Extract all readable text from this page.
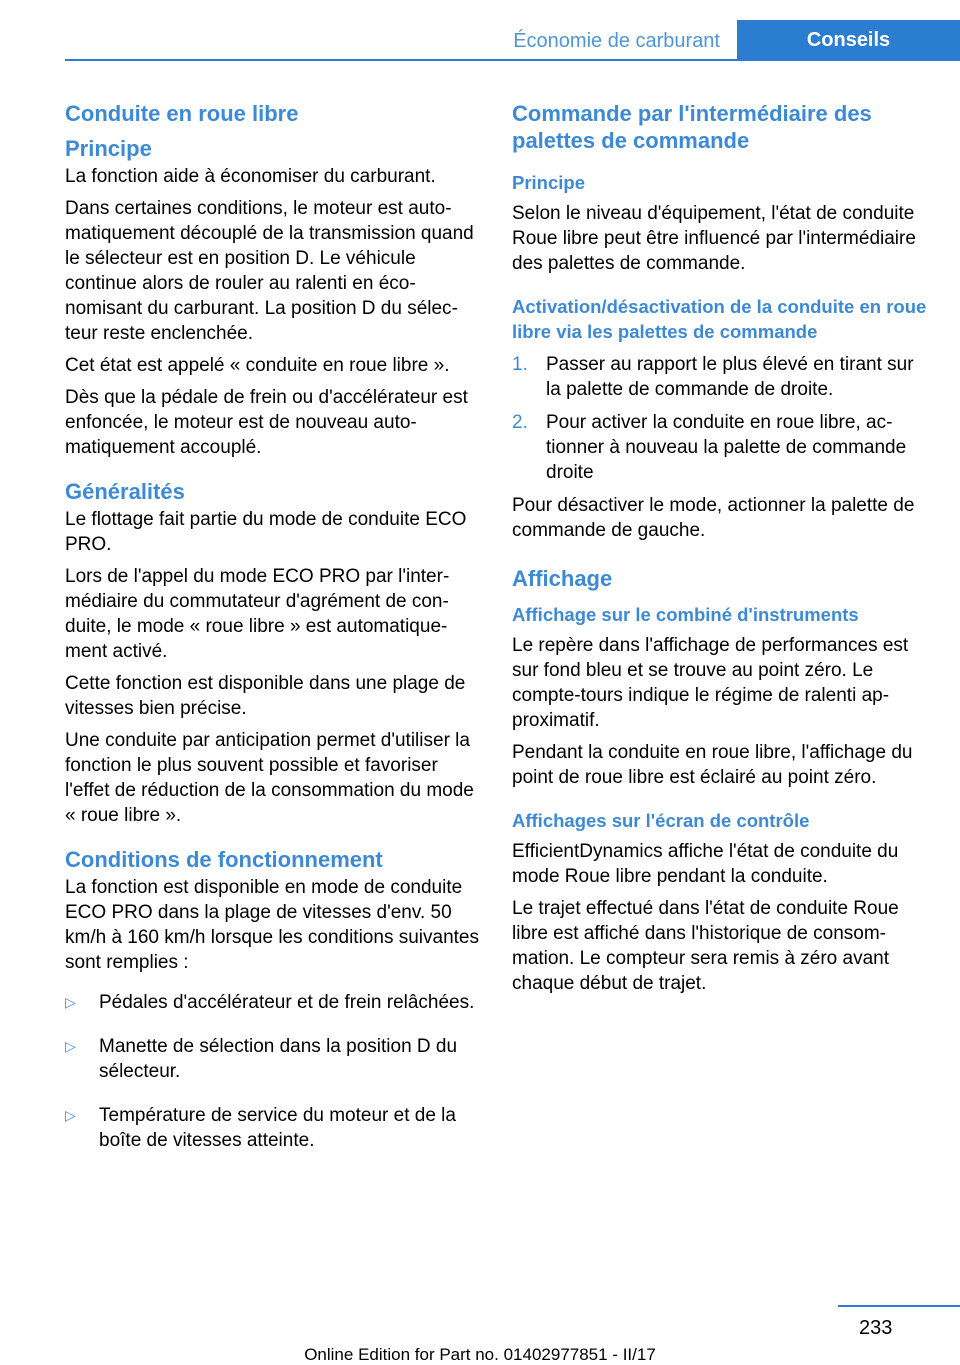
Économie de carburant	Conseils
Conduite en roue libre
Principe

La fonction aide à économiser du carburant.

Dans certaines conditions, le moteur est automatiquement découplé de la transmission quand le sélecteur est en position D. Le véhicule continue alors de rouler au ralenti en économisant du carburant. La position D du sélecteur reste enclenchée.

Cet état est appelé « conduite en roue libre ».

Dès que la pédale de frein ou d'accélérateur est enfoncée, le moteur est de nouveau automatiquement accouplé.

Généralités

Le flottage fait partie du mode de conduite ECO PRO.

Lors de l'appel du mode ECO PRO par l'intermédiaire du commutateur d'agrément de conduite, le mode « roue libre » est automatiquement activé.

Cette fonction est disponible dans une plage de vitesses bien précise.

Une conduite par anticipation permet d'utiliser la fonction le plus souvent possible et favoriser l'effet de réduction de la consommation du mode « roue libre ».

Conditions de fonctionnement

La fonction est disponible en mode de conduite ECO PRO dans la plage de vitesses d'env. 50 km/h à 160 km/h lorsque les conditions suivantes sont remplies :

▷ Pédales d'accélérateur et de frein relâchées.
▷ Manette de sélection dans la position D du sélecteur.
▷ Température de service du moteur et de la boîte de vitesses atteinte.
Commande par l'intermédiaire des palettes de commande
Principe

Selon le niveau d'équipement, l'état de conduite Roue libre peut être influencé par l'intermédiaire des palettes de commande.

Activation/désactivation de la conduite en roue libre via les palettes de commande
1. Passer au rapport le plus élevé en tirant sur la palette de commande de droite.
2. Pour activer la conduite en roue libre, actionner à nouveau la palette de commande droite

Pour désactiver le mode, actionner la palette de commande de gauche.

Affichage
Affichage sur le combiné d'instruments

Le repère dans l'affichage de performances est sur fond bleu et se trouve au point zéro. Le compte-tours indique le régime de ralenti approximatif.

Pendant la conduite en roue libre, l'affichage du point de roue libre est éclairé au point zéro.

Affichages sur l'écran de contrôle

EfficientDynamics affiche l'état de conduite du mode Roue libre pendant la conduite.

Le trajet effectué dans l'état de conduite Roue libre est affiché dans l'historique de consommation. Le compteur sera remis à zéro avant chaque début de trajet.

233
Online Edition for Part no. 01402977851 - II/17
